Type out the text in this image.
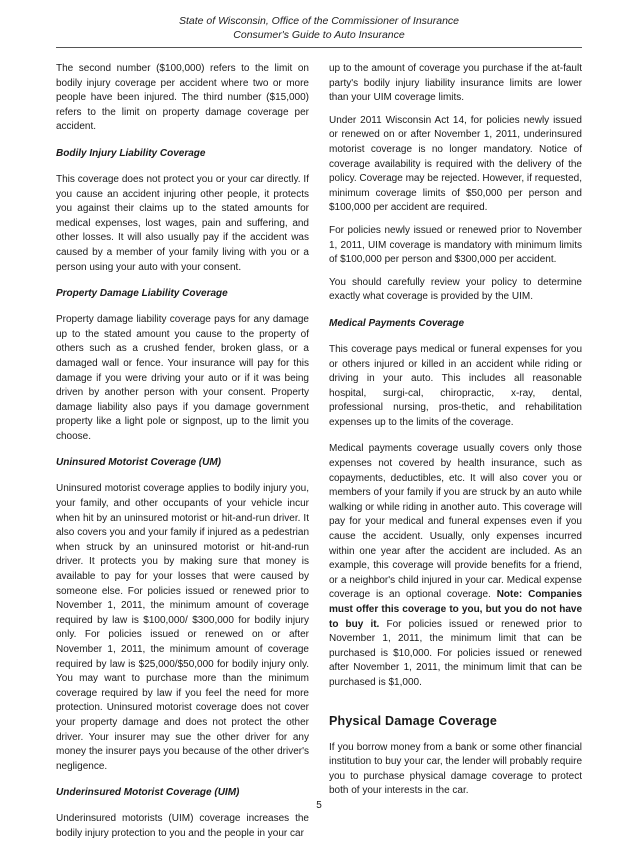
State of Wisconsin, Office of the Commissioner of Insurance
Consumer's Guide to Auto Insurance

The second number ($100,000) refers to the limit on bodily injury coverage per accident where two or more people have been injured. The third number ($15,000) refers to the limit on property damage coverage per accident.

Bodily Injury Liability Coverage

This coverage does not protect you or your car directly. If you cause an accident injuring other people, it protects you against their claims up to the stated amounts for medical expenses, lost wages, pain and suffering, and other losses. It will also usually pay if the accident was caused by a member of your family living with you or a person using your auto with your consent.

Property Damage Liability Coverage

Property damage liability coverage pays for any damage up to the stated amount you cause to the property of others such as a crushed fender, broken glass, or a damaged wall or fence. Your insurance will pay for this damage if you were driving your auto or if it was being driven by another person with your consent. Property damage liability also pays if you damage government property like a light pole or signpost, up to the limit you choose.

Uninsured Motorist Coverage (UM)

Uninsured motorist coverage applies to bodily injury you, your family, and other occupants of your vehicle incur when hit by an uninsured motorist or hit-and-run driver. It also covers you and your family if injured as a pedestrian when struck by an uninsured motorist or hit-and-run driver. It protects you by making sure that money is available to pay for your losses that were caused by someone else. For policies issued or renewed prior to November 1, 2011, the minimum amount of coverage required by law is $100,000/ $300,000 for bodily injury only. For policies issued or renewed on or after November 1, 2011, the minimum amount of coverage required by law is $25,000/$50,000 for bodily injury only. You may want to purchase more than the minimum coverage required by law if you feel the need for more protection. Uninsured motorist coverage does not cover your property damage and does not protect the other driver. Your insurer may sue the other driver for any money the insurer pays you because of the other driver's negligence.

Underinsured Motorist Coverage (UIM)

Underinsured motorists (UIM) coverage increases the bodily injury protection to you and the people in your car

up to the amount of coverage you purchase if the at-fault party's bodily injury liability insurance limits are lower than your UIM coverage limits.

Under 2011 Wisconsin Act 14, for policies newly issued or renewed on or after November 1, 2011, underinsured motorist coverage is no longer mandatory. Notice of coverage availability is required with the delivery of the policy. Coverage may be rejected. However, if requested, minimum coverage limits of $50,000 per person and $100,000 per accident are required.

For policies newly issued or renewed prior to November 1, 2011, UIM coverage is mandatory with minimum limits of $100,000 per person and $300,000 per accident.

You should carefully review your policy to determine exactly what coverage is provided by the UIM.

Medical Payments Coverage

This coverage pays medical or funeral expenses for you or others injured or killed in an accident while riding or driving in your auto. This includes all reasonable hospital, surgi-cal, chiropractic, x-ray, dental, professional nursing, pros-thetic, and rehabilitation expenses up to the limits of the coverage.

Medical payments coverage usually covers only those expenses not covered by health insurance, such as copayments, deductibles, etc. It will also cover you or members of your family if you are struck by an auto while walking or while riding in another auto. This coverage will pay for your medical and funeral expenses even if you cause the accident. Usually, only expenses incurred within one year after the accident are included. As an example, this coverage will provide benefits for a friend, or a neighbor's child injured in your car. Medical expense coverage is an optional coverage. Note: Companies must offer this coverage to you, but you do not have to buy it. For policies issued or renewed prior to November 1, 2011, the minimum limit that can be purchased is $10,000. For policies issued or renewed after November 1, 2011, the minimum limit that can be purchased is $1,000.

Physical Damage Coverage

If you borrow money from a bank or some other financial institution to buy your car, the lender will probably require you to purchase physical damage coverage to protect both of your interests in the car.

5
